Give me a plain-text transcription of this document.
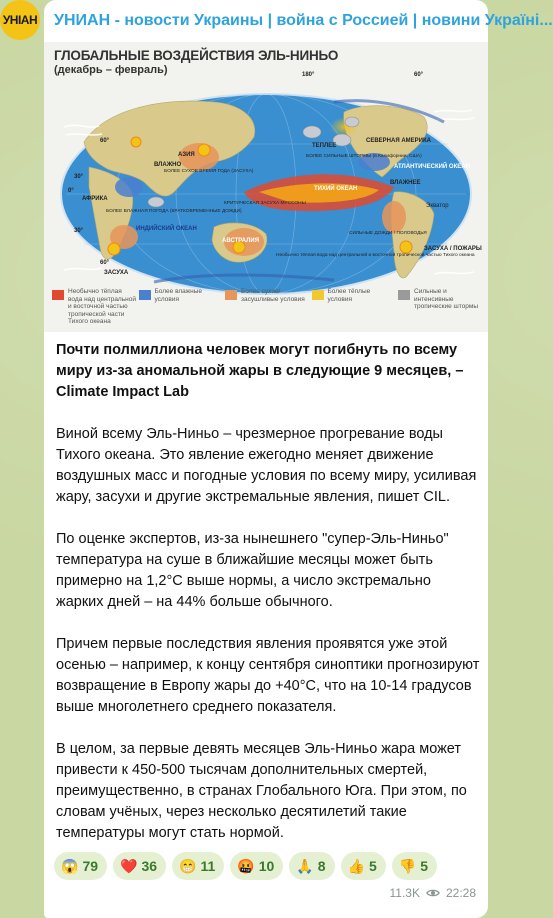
УНІАН	УНИАН - новости Украины | война с Россией | новини Україні...
180°	60°
60°
30°
0°
30°
60°
АЗИЯ
ВЛАЖНО
АФРИКА
ИНДИЙСКИЙ ОКЕАН
ЗАСУХА
АВСТРАЛИЯ
ТЕПЛЕЕ
СЕВЕРНАЯ АМЕРИКА
ТИХИЙ ОКЕАН
АТЛАНТИЧЕСКИЙ ОКЕАН
ВЛАЖНЕЕ
Экватор
ЗАСУХА / ПОЖАРЫ
БОЛЕЕ СУХОЕ ВРЕМЯ ГОДА (ЗАСУХА)
БОЛЕЕ ВЛАЖНАЯ ПОГОДА (КРАТКОВРЕМЕННЫЕ ДОЖДИ)
КРИТИЧЕСКАЯ ЗАСУХА МУССОНЫ
БОЛЕЕ СИЛЬНЫЕ ШТОРМЫ (в Калифорнии, США)
СИЛЬНЫЕ ДОЖДИ / ПОЛОВОДЬЯ
Необычно тёплая вода над центральной и восточной тропической частью Тихого океана
ГЛОБАЛЬНЫЕ ВОЗДЕЙСТВИЯ ЭЛЬ-НИНЬО
(декабрь – февраль)
Необычно тёплая вода над центральной и восточной частью тропической части Тихого океана
Более влажные условия
Более сухие/засушливые условия
Более тёплые условия
Сильные и интенсивные тропические штормы
Почти полмиллиона человек могут погибнуть по всему миру из-за аномальной жары в следующие 9 месяцев, – Climate Impact Lab
Виной всему Эль-Ниньо – чрезмерное прогревание воды Тихого океана. Это явление ежегодно меняет движение воздушных масс и погодные условия по всему миру, усиливая жару, засухи и другие экстремальные явления, пишет CIL.
По оценке экспертов, из-за нынешнего "супер-Эль-Ниньо" температура на суше в ближайшие месяцы может быть примерно на 1,2°C выше нормы, а число экстремально жарких дней – на 44% больше обычного.
Причем первые последствия явления проявятся уже этой осенью – например, к концу сентября синоптики прогнозируют возвращение в Европу жары до +40°C, что на 10-14 градусов выше многолетнего среднего показателя.
В целом, за первые девять месяцев Эль-Ниньо жара может привести к 450-500 тысячам дополнительных смертей, преимущественно, в странах Глобального Юга. При этом, по словам учёных, через несколько десятилетий такие температуры могут стать нормой.
😱 79 ❤️ 36 😁 11 🤬 10 🙏 8 👍 5 👎 5
11.3K 22:28
